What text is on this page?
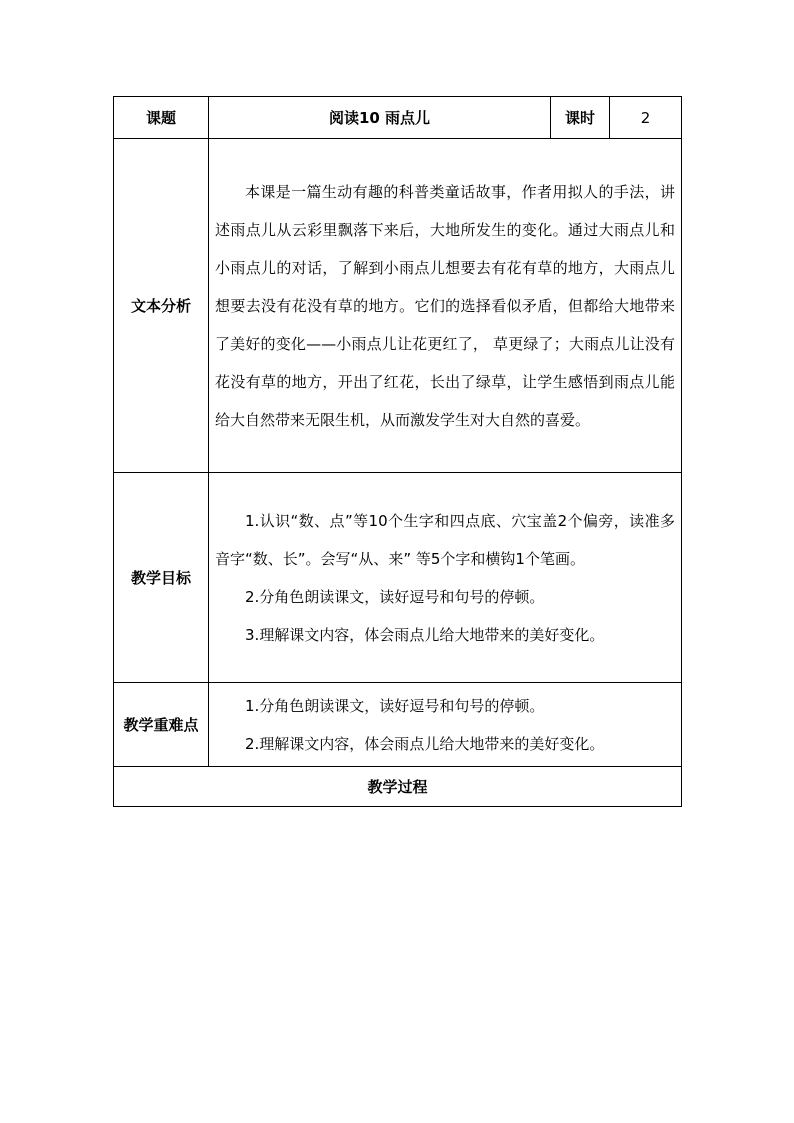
课题	阅读10 雨点儿	课时	2
文本分析	本课是一篇生动有趣的科普类童话故事，作者用拟人的手法，讲述雨点儿从云彩里飘落下来后，大地所发生的变化。通过大雨点儿和小雨点儿的对话，了解到小雨点儿想要去有花有草的地方，大雨点儿想要去没有花没有草的地方。它们的选择看似矛盾，但都给大地带来了美好的变化——小雨点儿让花更红了， 草更绿了；大雨点儿让没有花没有草的地方，开出了红花，长出了绿草，让学生感悟到雨点儿能给大自然带来无限生机，从而激发学生对大自然的喜爱。		

教学目标	1.认识“数、点”等10个生字和四点底、穴宝盖2个偏旁，读准多音字“数、长”。会写“从、来” 等5个字和横钩1个笔画。

2.分角色朗读课文，读好逗号和句号的停顿。

3.理解课文内容，体会雨点儿给大地带来的美好变化。		

教学重难点	1.分角色朗读课文，读好逗号和句号的停顿。

2.理解课文内容，体会雨点儿给大地带来的美好变化。		

教学过程			
